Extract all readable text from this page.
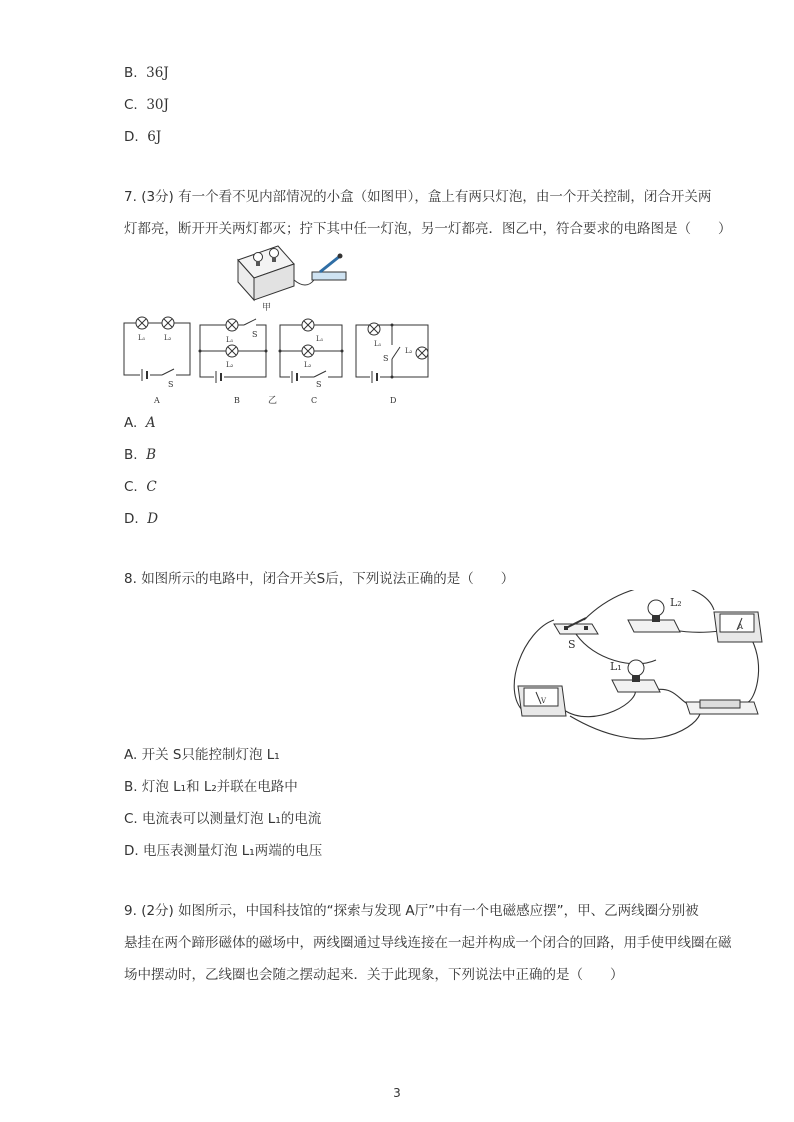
B. 36J
C. 30J
D. 6J
7. (3分) 有一个看不见内部情况的小盒（如图甲），盒上有两只灯泡，由一个开关控制，闭合开关两
灯都亮，断开开关两灯都灭；拧下其中任一灯泡，另一灯都亮．图乙中，符合要求的电路图是（　　）
甲
L₁	L₂
S
A
L₁
L₂
S
B	乙
L₁
L₂
S
C
L₁
L₂
S
D
A. A
B. B
C. C
D. D
8. 如图所示的电路中，闭合开关S后，下列说法正确的是（　　）
S
L₂
A
L₁
V
A. 开关 S只能控制灯泡 L₁
B. 灯泡 L₁和 L₂并联在电路中
C. 电流表可以测量灯泡 L₁的电流
D. 电压表测量灯泡 L₁两端的电压
9. (2分) 如图所示，中国科技馆的“探索与发现 A厅”中有一个电磁感应摆”，甲、乙两线圈分别被
悬挂在两个蹄形磁体的磁场中，两线圈通过导线连接在一起并构成一个闭合的回路，用手使甲线圈在磁
场中摆动时，乙线圈也会随之摆动起来．关于此现象，下列说法中正确的是（　　）
3
